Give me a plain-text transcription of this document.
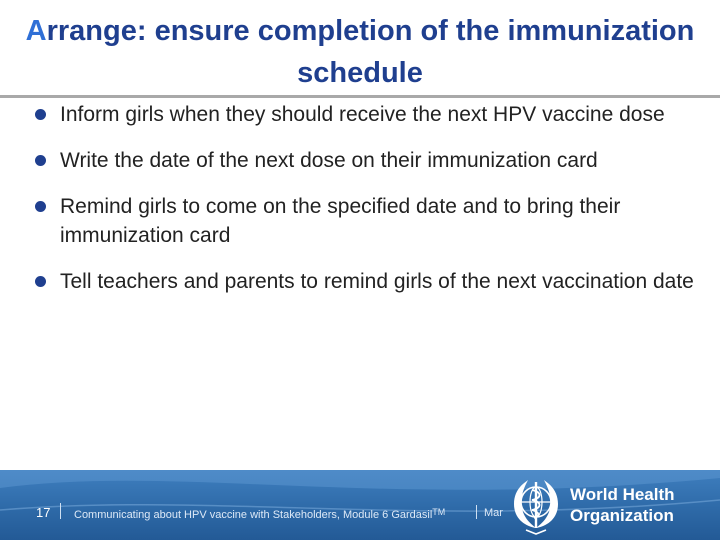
Arrange: ensure completion of the immunization schedule
Inform girls when they should receive the next HPV vaccine dose
Write the date of the next dose on their immunization card
Remind girls to come on the specified date and to bring their immunization card
Tell teachers and parents to remind girls of the next vaccination date
17 Communicating about HPV vaccine with Stakeholders, Module 6 Gardasil™	Mar
World Health
Organization
